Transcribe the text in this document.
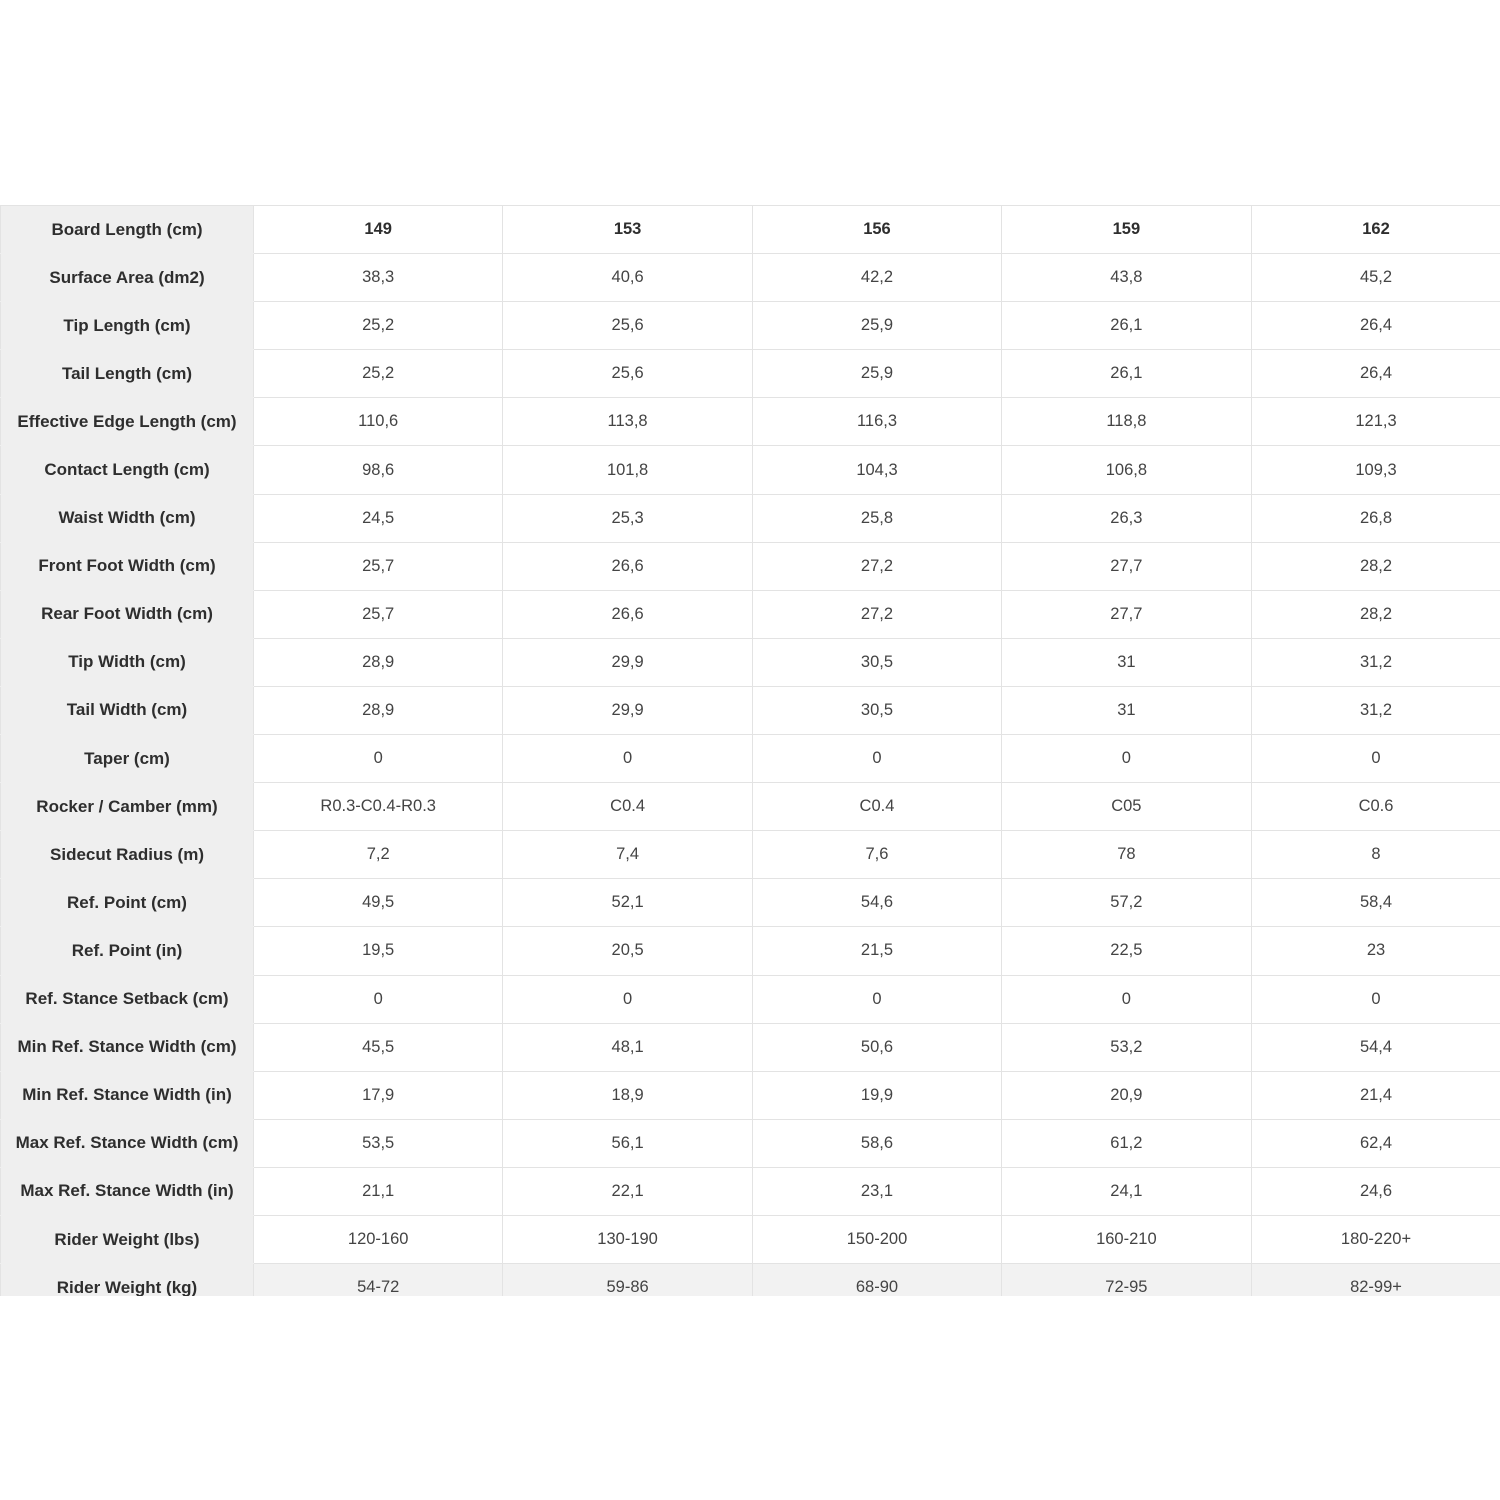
Board Length (cm)	149	153	156	159	162
Surface Area (dm2)	38,3	40,6	42,2	43,8	45,2
Tip Length (cm)	25,2	25,6	25,9	26,1	26,4
Tail Length (cm)	25,2	25,6	25,9	26,1	26,4
Effective Edge Length (cm)	110,6	113,8	116,3	118,8	121,3
Contact Length (cm)	98,6	101,8	104,3	106,8	109,3
Waist Width (cm)	24,5	25,3	25,8	26,3	26,8
Front Foot Width (cm)	25,7	26,6	27,2	27,7	28,2
Rear Foot Width (cm)	25,7	26,6	27,2	27,7	28,2
Tip Width (cm)	28,9	29,9	30,5	31	31,2
Tail Width (cm)	28,9	29,9	30,5	31	31,2
Taper (cm)	0	0	0	0	0
Rocker / Camber (mm)	R0.3-C0.4-R0.3	C0.4	C0.4	C05	C0.6
Sidecut Radius (m)	7,2	7,4	7,6	78	8
Ref. Point (cm)	49,5	52,1	54,6	57,2	58,4
Ref. Point (in)	19,5	20,5	21,5	22,5	23
Ref. Stance Setback (cm)	0	0	0	0	0
Min Ref. Stance Width (cm)	45,5	48,1	50,6	53,2	54,4
Min Ref. Stance Width (in)	17,9	18,9	19,9	20,9	21,4
Max Ref. Stance Width (cm)	53,5	56,1	58,6	61,2	62,4
Max Ref. Stance Width (in)	21,1	22,1	23,1	24,1	24,6
Rider Weight (lbs)	120-160	130-190	150-200	160-210	180-220+
Rider Weight (kg)	54-72	59-86	68-90	72-95	82-99+
